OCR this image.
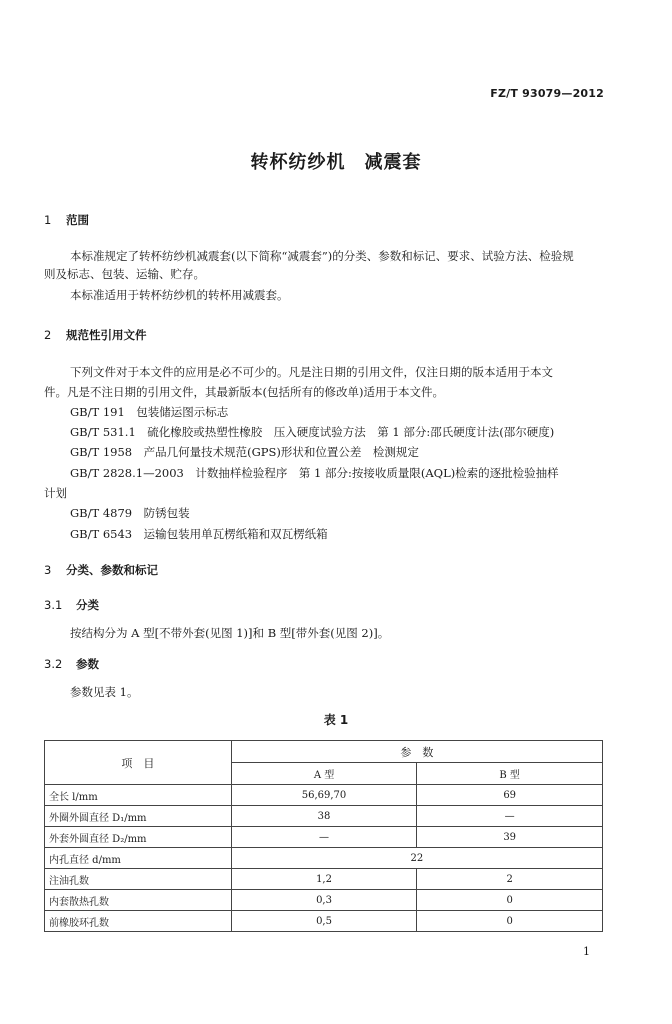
FZ/T 93079—2012
转杯纺纱机　减震套
1 范围
本标准规定了转杯纺纱机减震套(以下简称“减震套”)的分类、参数和标记、要求、试验方法、检验规
则及标志、包装、运输、贮存。
本标准适用于转杯纺纱机的转杯用减震套。
2 规范性引用文件
下列文件对于本文件的应用是必不可少的。凡是注日期的引用文件，仅注日期的版本适用于本文
件。凡是不注日期的引用文件，其最新版本(包括所有的修改单)适用于本文件。
GB/T 191　包装储运图示标志
GB/T 531.1　硫化橡胶或热塑性橡胶　压入硬度试验方法　第 1 部分:邵氏硬度计法(邵尔硬度)
GB/T 1958　产品几何量技术规范(GPS)形状和位置公差　检测规定
GB/T 2828.1—2003　计数抽样检验程序　第 1 部分:按接收质量限(AQL)检索的逐批检验抽样
计划
GB/T 4879　防锈包装
GB/T 6543　运输包装用单瓦楞纸箱和双瓦楞纸箱
3 分类、参数和标记
3.1 分类
按结构分为 A 型[不带外套(见图 1)]和 B 型[带外套(见图 2)]。
3.2 参数
参数见表 1。
表 1
项　目	参　数	
	A 型	B 型
全长 l/mm	56,69,70	69
外圈外圆直径 D₁/mm	38	—
外套外圆直径 D₂/mm	—	39
内孔直径 d/mm	22	
注油孔数	1,2	2
内套散热孔数	0,3	0
前橡胶环孔数	0,5	0
1
